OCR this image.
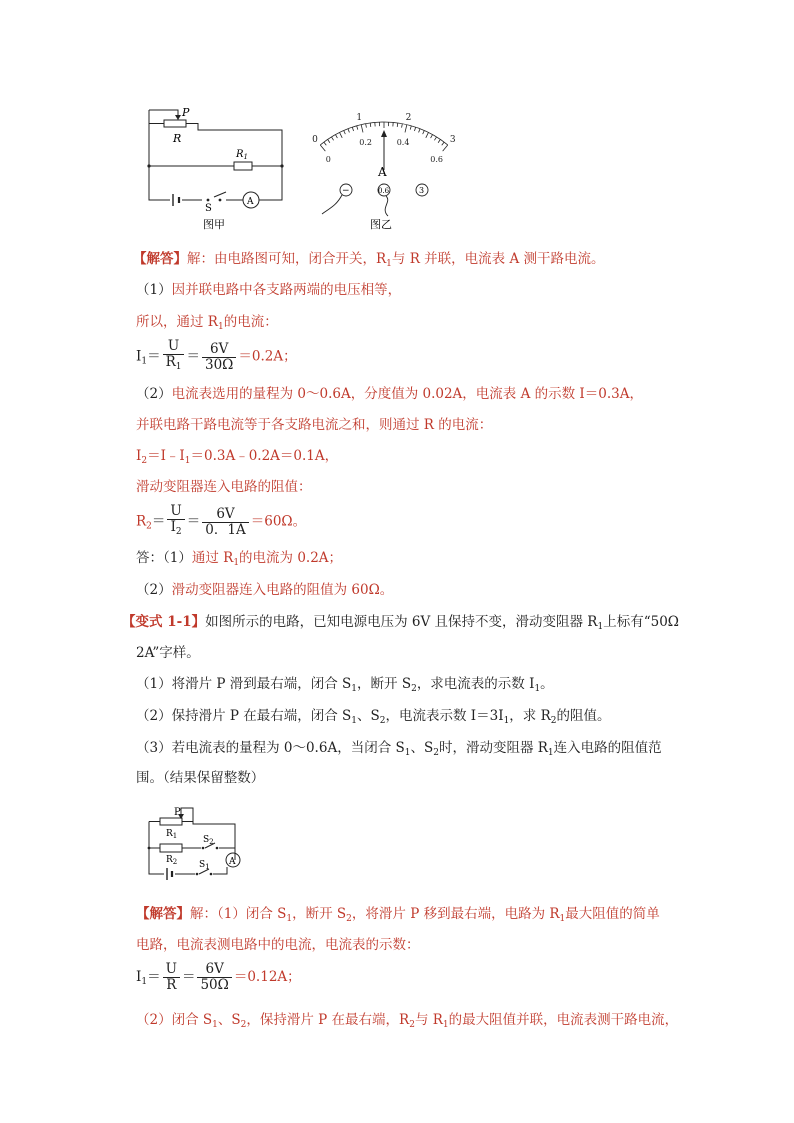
P
R
$R_1$
S
A
图甲
0
1	2
3
0
0.2	0.4
0.6
A
−	0.6	3
图乙
【解答】解：由电路图可知，闭合开关，$R_1$与 R 并联，电流表 A 测干路电流。
（1）因并联电路中各支路两端的电压相等，
所以，通过 $R_1$的电流：
$I_1= \frac{U}{R_1} = \frac{6V}{30\Omega} =0.2A$；
（2）电流表选用的量程为 0～0.6A，分度值为 0.02A，电流表 A 的示数 I＝0.3A，
并联电路干路电流等于各支路电流之和，则通过 R 的电流：
$I_2=I﹣I_1=0.3A﹣0.2A=0.1A$，
滑动变阻器连入电路的阻值：
$R_2= \frac{U}{I_2} = \frac{6V}{0.1A} =60\Omega$。
答：（1）通过 $R_1$的电流为 0.2A；
（2）滑动变阻器连入电路的阻值为 60Ω。
【变式 1-1】如图所示的电路，已知电源电压为 6V 且保持不变，滑动变阻器 $R_1$上标有“50Ω
2A”字样。
（1）将滑片 P 滑到最右端，闭合 $S_1$，断开 $S_2$，求电流表的示数 $I_1$。
（2）保持滑片 P 在最右端，闭合 $S_1$、$S_2$，电流表示数 $I=3I_1$，求 $R_2$的阻值。
（3）若电流表的量程为 0～0.6A，当闭合 $S_1$、$S_2$时，滑动变阻器 $R_1$连入电路的阻值范
围。（结果保留整数）
P
$R_1$
$R_2$
$S_2$
$S_1$ A
【解答】解：（1）闭合 $S_1$，断开 $S_2$，将滑片 P 移到最右端，电路为 $R_1$最大阻值的简单
电路，电流表测电路中的电流，电流表的示数：
$I_1= \frac{U}{R} = \frac{6V}{50\Omega} =0.12A$；
（2）闭合 $S_1$、$S_2$，保持滑片 P 在最右端，$R_2$与 $R_1$的最大阻值并联，电流表测干路电流，
